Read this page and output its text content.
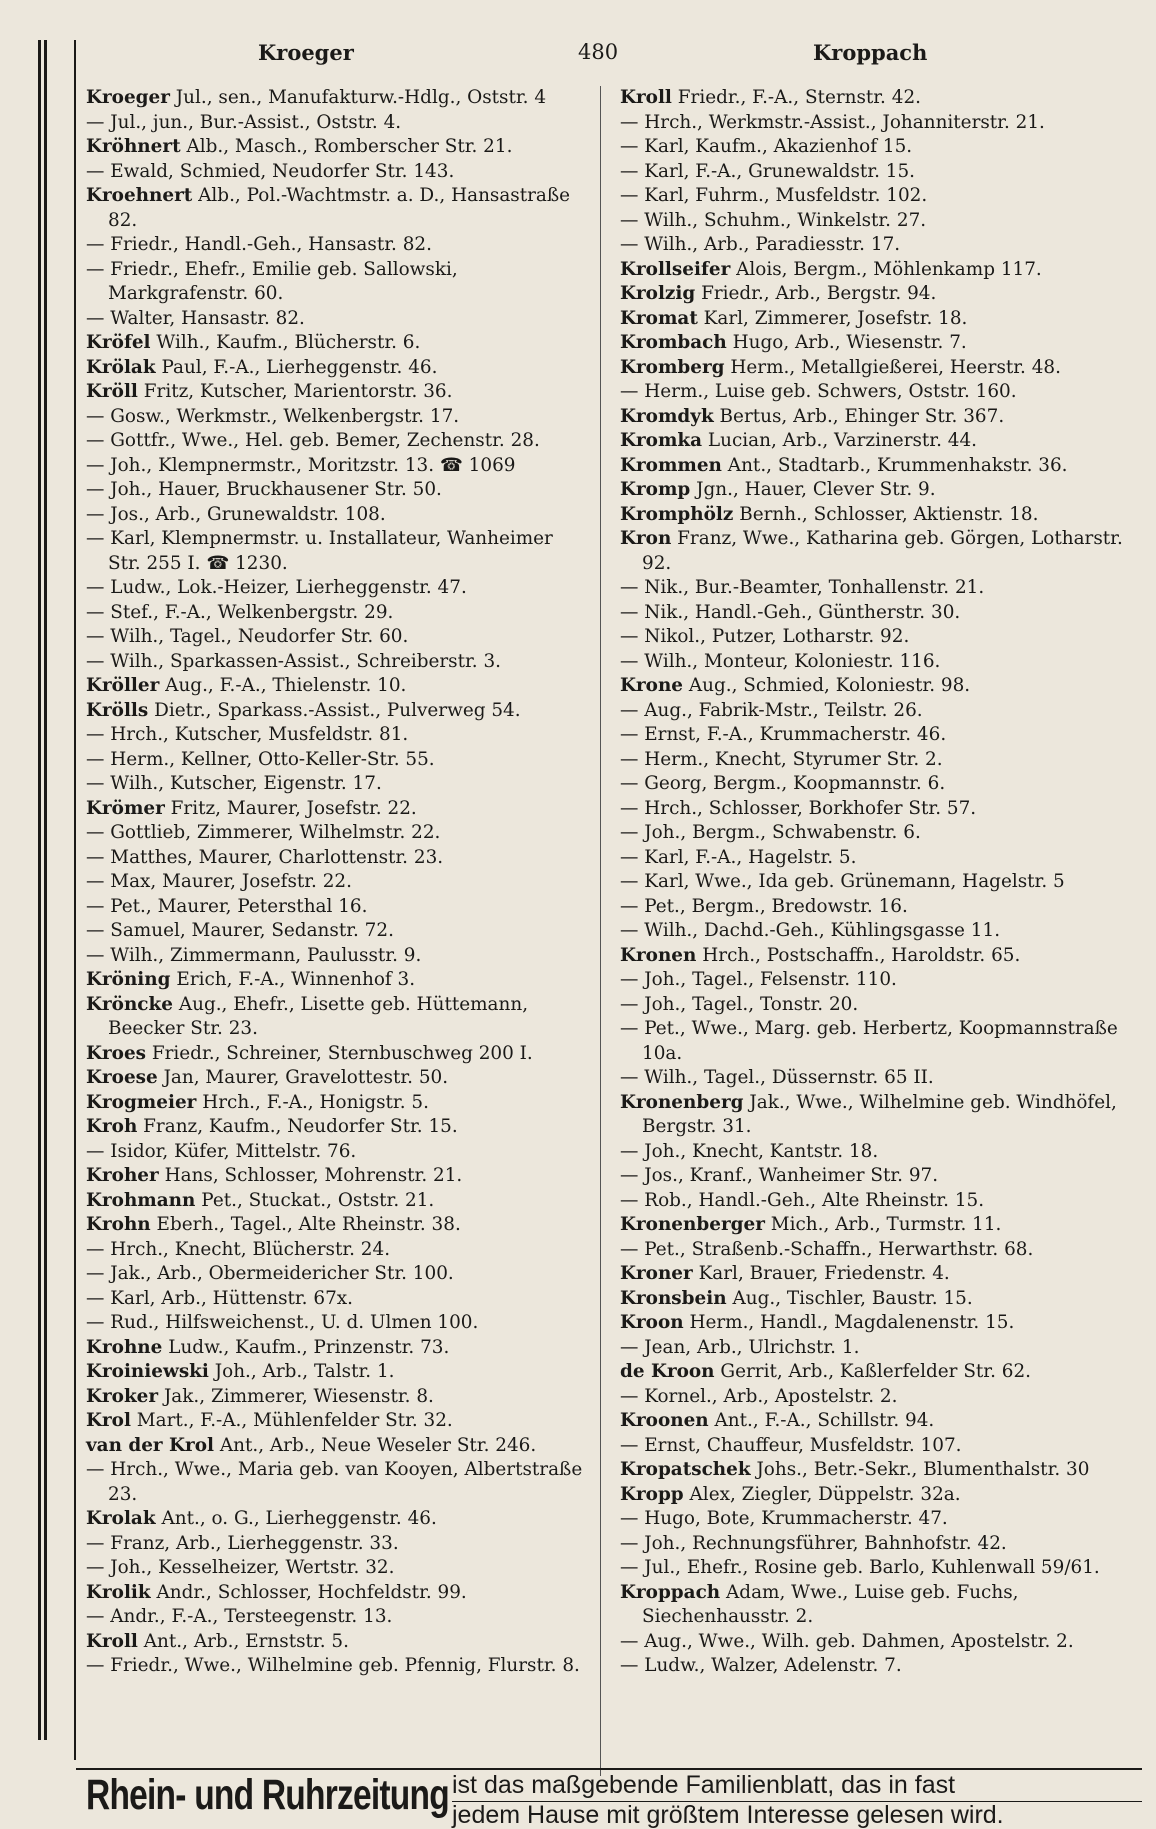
Kroeger	480	Kroppach

Kroeger Jul., sen., Manufakturw.-Hdlg., Oststr. 4

— Jul., jun., Bur.-Assist., Oststr. 4.

Kröhnert Alb., Masch., Romberscher Str. 21.

— Ewald, Schmied, Neudorfer Str. 143.

Kroehnert Alb., Pol.-Wachtmstr. a. D., Hansastraße 82.

— Friedr., Handl.-Geh., Hansastr. 82.

— Friedr., Ehefr., Emilie geb. Sallowski, Markgrafenstr. 60.

— Walter, Hansastr. 82.

Kröfel Wilh., Kaufm., Blücherstr. 6.

Krölak Paul, F.-A., Lierheggenstr. 46.

Kröll Fritz, Kutscher, Marientorstr. 36.

— Gosw., Werkmstr., Welkenbergstr. 17.

— Gottfr., Wwe., Hel. geb. Bemer, Zechenstr. 28.

— Joh., Klempnermstr., Moritzstr. 13. ☎ 1069

— Joh., Hauer, Bruckhausener Str. 50.

— Jos., Arb., Grunewaldstr. 108.

— Karl, Klempnermstr. u. Installateur, Wanheimer Str. 255 I. ☎ 1230.

— Ludw., Lok.-Heizer, Lierheggenstr. 47.

— Stef., F.-A., Welkenbergstr. 29.

— Wilh., Tagel., Neudorfer Str. 60.

— Wilh., Sparkassen-Assist., Schreiberstr. 3.

Kröller Aug., F.-A., Thielenstr. 10.

Krölls Dietr., Sparkass.-Assist., Pulverweg 54.

— Hrch., Kutscher, Musfeldstr. 81.

— Herm., Kellner, Otto-Keller-Str. 55.

— Wilh., Kutscher, Eigenstr. 17.

Krömer Fritz, Maurer, Josefstr. 22.

— Gottlieb, Zimmerer, Wilhelmstr. 22.

— Matthes, Maurer, Charlottenstr. 23.

— Max, Maurer, Josefstr. 22.

— Pet., Maurer, Petersthal 16.

— Samuel, Maurer, Sedanstr. 72.

— Wilh., Zimmermann, Paulusstr. 9.

Kröning Erich, F.-A., Winnenhof 3.

Kröncke Aug., Ehefr., Lisette geb. Hüttemann, Beecker Str. 23.

Kroes Friedr., Schreiner, Sternbuschweg 200 I.

Kroese Jan, Maurer, Gravelottestr. 50.

Krogmeier Hrch., F.-A., Honigstr. 5.

Kroh Franz, Kaufm., Neudorfer Str. 15.

— Isidor, Küfer, Mittelstr. 76.

Kroher Hans, Schlosser, Mohrenstr. 21.

Krohmann Pet., Stuckat., Oststr. 21.

Krohn Eberh., Tagel., Alte Rheinstr. 38.

— Hrch., Knecht, Blücherstr. 24.

— Jak., Arb., Obermeidericher Str. 100.

— Karl, Arb., Hüttenstr. 67x.

— Rud., Hilfsweichenst., U. d. Ulmen 100.

Krohne Ludw., Kaufm., Prinzenstr. 73.

Kroiniewski Joh., Arb., Talstr. 1.

Kroker Jak., Zimmerer, Wiesenstr. 8.

Krol Mart., F.-A., Mühlenfelder Str. 32.

van der Krol Ant., Arb., Neue Weseler Str. 246.

— Hrch., Wwe., Maria geb. van Kooyen, Albertstraße 23.

Krolak Ant., o. G., Lierheggenstr. 46.

— Franz, Arb., Lierheggenstr. 33.

— Joh., Kesselheizer, Wertstr. 32.

Krolik Andr., Schlosser, Hochfeldstr. 99.

— Andr., F.-A., Tersteegenstr. 13.

Kroll Ant., Arb., Ernststr. 5.

— Friedr., Wwe., Wilhelmine geb. Pfennig, Flurstr. 8.

Kroll Friedr., F.-A., Sternstr. 42.

— Hrch., Werkmstr.-Assist., Johanniterstr. 21.

— Karl, Kaufm., Akazienhof 15.

— Karl, F.-A., Grunewaldstr. 15.

— Karl, Fuhrm., Musfeldstr. 102.

— Wilh., Schuhm., Winkelstr. 27.

— Wilh., Arb., Paradiesstr. 17.

Krollseifer Alois, Bergm., Möhlenkamp 117.

Krolzig Friedr., Arb., Bergstr. 94.

Kromat Karl, Zimmerer, Josefstr. 18.

Krombach Hugo, Arb., Wiesenstr. 7.

Kromberg Herm., Metallgießerei, Heerstr. 48.

— Herm., Luise geb. Schwers, Oststr. 160.

Kromdyk Bertus, Arb., Ehinger Str. 367.

Kromka Lucian, Arb., Varzinerstr. 44.

Krommen Ant., Stadtarb., Krummenhakstr. 36.

Kromp Jgn., Hauer, Clever Str. 9.

Kromphölz Bernh., Schlosser, Aktienstr. 18.

Kron Franz, Wwe., Katharina geb. Görgen, Lotharstr. 92.

— Nik., Bur.-Beamter, Tonhallenstr. 21.

— Nik., Handl.-Geh., Güntherstr. 30.

— Nikol., Putzer, Lotharstr. 92.

— Wilh., Monteur, Koloniestr. 116.

Krone Aug., Schmied, Koloniestr. 98.

— Aug., Fabrik-Mstr., Teilstr. 26.

— Ernst, F.-A., Krummacherstr. 46.

— Herm., Knecht, Styrumer Str. 2.

— Georg, Bergm., Koopmannstr. 6.

— Hrch., Schlosser, Borkhofer Str. 57.

— Joh., Bergm., Schwabenstr. 6.

— Karl, F.-A., Hagelstr. 5.

— Karl, Wwe., Ida geb. Grünemann, Hagelstr. 5

— Pet., Bergm., Bredowstr. 16.

— Wilh., Dachd.-Geh., Kühlingsgasse 11.

Kronen Hrch., Postschaffn., Haroldstr. 65.

— Joh., Tagel., Felsenstr. 110.

— Joh., Tagel., Tonstr. 20.

— Pet., Wwe., Marg. geb. Herbertz, Koopmannstraße 10a.

— Wilh., Tagel., Düssernstr. 65 II.

Kronenberg Jak., Wwe., Wilhelmine geb. Windhöfel, Bergstr. 31.

— Joh., Knecht, Kantstr. 18.

— Jos., Kranf., Wanheimer Str. 97.

— Rob., Handl.-Geh., Alte Rheinstr. 15.

Kronenberger Mich., Arb., Turmstr. 11.

— Pet., Straßenb.-Schaffn., Herwarthstr. 68.

Kroner Karl, Brauer, Friedenstr. 4.

Kronsbein Aug., Tischler, Baustr. 15.

Kroon Herm., Handl., Magdalenenstr. 15.

— Jean, Arb., Ulrichstr. 1.

de Kroon Gerrit, Arb., Kaßlerfelder Str. 62.

— Kornel., Arb., Apostelstr. 2.

Kroonen Ant., F.-A., Schillstr. 94.

— Ernst, Chauffeur, Musfeldstr. 107.

Kropatschek Johs., Betr.-Sekr., Blumenthalstr. 30

Kropp Alex, Ziegler, Düppelstr. 32a.

— Hugo, Bote, Krummacherstr. 47.

— Joh., Rechnungsführer, Bahnhofstr. 42.

— Jul., Ehefr., Rosine geb. Barlo, Kuhlenwall 59/61.

Kroppach Adam, Wwe., Luise geb. Fuchs, Siechenhausstr. 2.

— Aug., Wwe., Wilh. geb. Dahmen, Apostelstr. 2.

— Ludw., Walzer, Adelenstr. 7.

Rhein- und Ruhrzeitung ist das maßgebende Familienblatt, das in fast
jedem Hause mit größtem Interesse gelesen wird.
